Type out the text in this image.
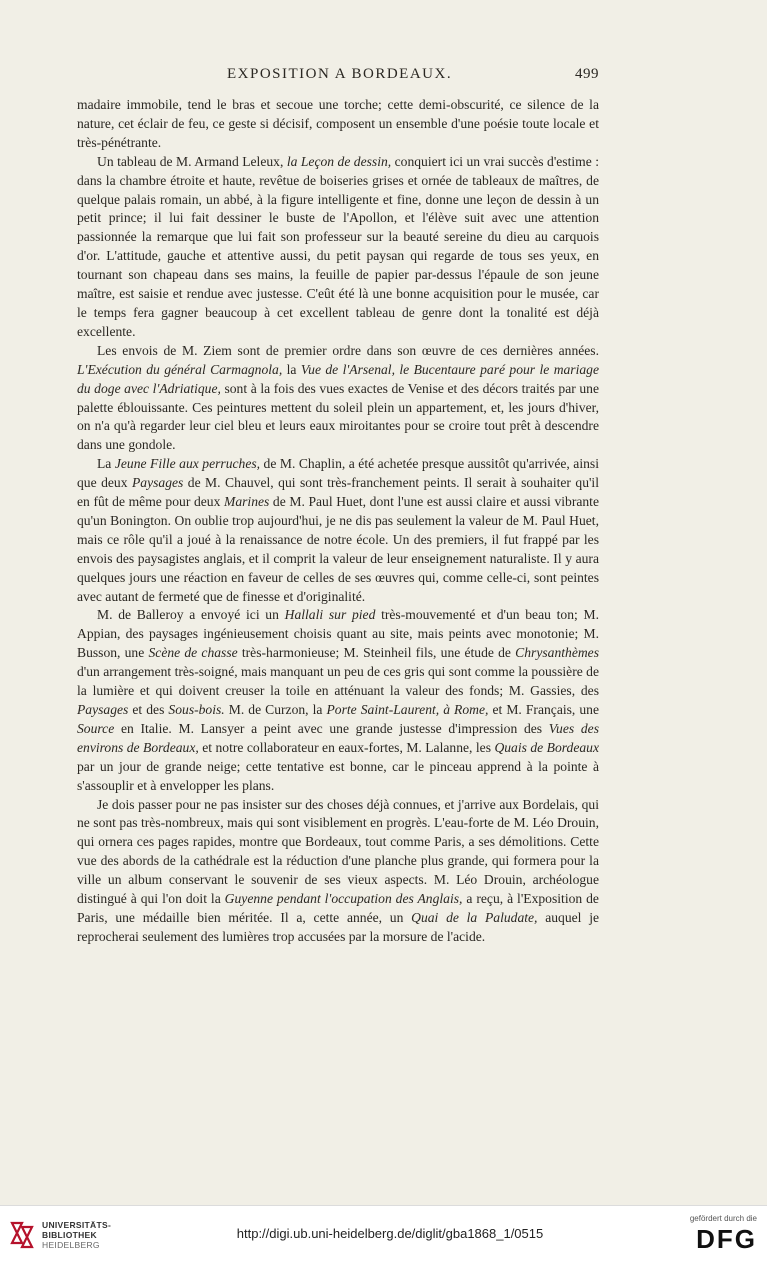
EXPOSITION A BORDEAUX.	499

madaire immobile, tend le bras et secoue une torche; cette demi-obscurité, ce silence de la nature, cet éclair de feu, ce geste si décisif, composent un ensemble d'une poésie toute locale et très-pénétrante.

Un tableau de M. Armand Leleux, la Leçon de dessin, conquiert ici un vrai succès d'estime : dans la chambre étroite et haute, revêtue de boiseries grises et ornée de tableaux de maîtres, de quelque palais romain, un abbé, à la figure intelligente et fine, donne une leçon de dessin à un petit prince; il lui fait dessiner le buste de l'Apollon, et l'élève suit avec une attention passionnée la remarque que lui fait son professeur sur la beauté sereine du dieu au carquois d'or. L'attitude, gauche et attentive aussi, du petit paysan qui regarde de tous ses yeux, en tournant son chapeau dans ses mains, la feuille de papier par-dessus l'épaule de son jeune maître, est saisie et rendue avec justesse. C'eût été là une bonne acquisition pour le musée, car le temps fera gagner beaucoup à cet excellent tableau de genre dont la tonalité est déjà excellente.

Les envois de M. Ziem sont de premier ordre dans son œuvre de ces dernières années. L'Exécution du général Carmagnola, la Vue de l'Arsenal, le Bucentaure paré pour le mariage du doge avec l'Adriatique, sont à la fois des vues exactes de Venise et des décors traités par une palette éblouissante. Ces peintures mettent du soleil plein un appartement, et, les jours d'hiver, on n'a qu'à regarder leur ciel bleu et leurs eaux miroitantes pour se croire tout prêt à descendre dans une gondole.

La Jeune Fille aux perruches, de M. Chaplin, a été achetée presque aussitôt qu'arrivée, ainsi que deux Paysages de M. Chauvel, qui sont très-franchement peints. Il serait à souhaiter qu'il en fût de même pour deux Marines de M. Paul Huet, dont l'une est aussi claire et aussi vibrante qu'un Bonington. On oublie trop aujourd'hui, je ne dis pas seulement la valeur de M. Paul Huet, mais ce rôle qu'il a joué à la renaissance de notre école. Un des premiers, il fut frappé par les envois des paysagistes anglais, et il comprit la valeur de leur enseignement naturaliste. Il y aura quelques jours une réaction en faveur de celles de ses œuvres qui, comme celle-ci, sont peintes avec autant de fermeté que de finesse et d'originalité.

M. de Balleroy a envoyé ici un Hallali sur pied très-mouvementé et d'un beau ton; M. Appian, des paysages ingénieusement choisis quant au site, mais peints avec monotonie; M. Busson, une Scène de chasse très-harmonieuse; M. Steinheil fils, une étude de Chrysanthèmes d'un arrangement très-soigné, mais manquant un peu de ces gris qui sont comme la poussière de la lumière et qui doivent creuser la toile en atténuant la valeur des fonds; M. Gassies, des Paysages et des Sous-bois. M. de Curzon, la Porte Saint-Laurent, à Rome, et M. Français, une Source en Italie. M. Lansyer a peint avec une grande justesse d'impression des Vues des environs de Bordeaux, et notre collaborateur en eaux-fortes, M. Lalanne, les Quais de Bordeaux par un jour de grande neige; cette tentative est bonne, car le pinceau apprend à la pointe à s'assouplir et à envelopper les plans.

Je dois passer pour ne pas insister sur des choses déjà connues, et j'arrive aux Bordelais, qui ne sont pas très-nombreux, mais qui sont visiblement en progrès. L'eau-forte de M. Léo Drouin, qui ornera ces pages rapides, montre que Bordeaux, tout comme Paris, a ses démolitions. Cette vue des abords de la cathédrale est la réduction d'une planche plus grande, qui formera pour la ville un album conservant le souvenir de ses vieux aspects. M. Léo Drouin, archéologue distingué à qui l'on doit la Guyenne pendant l'occupation des Anglais, a reçu, à l'Exposition de Paris, une médaille bien méritée. Il a, cette année, un Quai de la Paludate, auquel je reprocherai seulement des lumières trop accusées par la morsure de l'acide.

UNIVERSITÄTS-
BIBLIOTHEK
HEIDELBERG
http://digi.ub.uni-heidelberg.de/diglit/gba1868_1/0515
gefördert durch die
DFG
